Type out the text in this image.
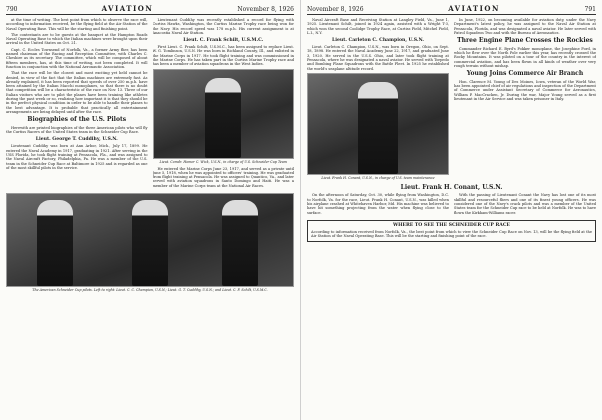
790	AVIATION	November 8, 1926

at the time of writing. The best point from which to observe the race will, according to information received, be the flying field at the Air Station of the Naval Operating Base. This will be the starting and finishing point.

The contestants are to be guests at the banquet at the Hampton Roads Naval Operating Base to which the Italian machines were brought upon their arrival in the United States on Oct. 21.

Capt. C. Eccles Townsend of Norfolk, Va., a former Army flier, has been named chairman of the Racing and Reception Committee, with Charles C. Cheshire as its secretary. The committee, which will be composed of about fifteen members, has, at this time of writing, not been completed. It will function in conjunction with the National Aeronautic Association.

That the race will be the closest and most exciting yet held cannot be denied, in view of the fact that the Italian machines are extremely fast. As already explained, it has been reported that speeds of over 250 m.p.h. have been attained by the Italian Macchi monoplanes, so that there is no doubt that competition will be a characteristic of the race on Nov. 13. Three of our Italian visitors who are to pilot the planes have been training like athletes during the past week or so, realizing how important it is that they should be in the perfect physical condition in order to be able to handle their planes to the best advantage. It is probable that practically all entertainment arrangements are being delayed until after the race.

Biographies of the U.S. Pilots

Herewith are printed biographies of the three American pilots who will fly the Curtiss Racers of the United States team in the Schneider Cup Race.

Lieut. George T. Cuddihy, U.S.N.

Lieutenant Cuddihy was born at Ann Arbor, Mich., July 17, 1899. He entered the Naval Academy in 1917, graduating in 1921. After serving in the USS Florida, he took flight training at Pensacola, Fla., and was assigned to the Naval Aircraft Factory, Philadelphia, Pa. He was a member of the U.S. team in the Schneider Cup Race at Baltimore in 1925 and is regarded as one of the most skillful pilots in the service.

Lieutenant Cuddihy was recently established a record for flying with Curtiss Hawks, Washington, the Curtiss Marine Trophy race being won for the Navy. His record speed was 178 m.p.h. His current assignment is at Anacostia Naval Air Station.

Lieut. C. Frank Schilt, U.S.M.C.

First Lieut. C. Frank Schilt, U.S.M.C., has been assigned to replace Lieut. W. G. Tomlinson, U.S.N. He was born in Richland County, Ill., and enlisted in the Marine Corps in 1917. He took flight training and was commissioned in the Marine Corps. He has taken part in the Curtiss Marine Trophy race and has been a member of aviation squadrons in the West Indies.

Lieut. Comdr. Homer C. Wick, U.S.N., in charge of U.S. Schneider Cup Team

He entered the Marine Corps June 23, 1917, and served as a private until June 5, 1918, when he was appointed to officers' training. He was graduated from flight training at Pensacola. He was assigned to Quantico, Va., and later served with aviation squadrons in Santo Domingo and Haiti. He was a member of the Marine Corps team at the National Air Races.

The American Schneider Cup pilots. Left to right: Lieut. C. C. Champion, U.S.N.; Lieut. G. T. Cuddihy, U.S.N.; and Lieut. C. F. Schilt, U.S.M.C.
November 8, 1926	AVIATION	791

Naval Aircraft Base and Receiving Station at Langley Field, Va., June 1, 1925. Lieutenant Schilt, joined in 1924 again, assisted with a Wright T-3, which won the second Coolidge Trophy Race, at Curtiss Field, Mitchel Field, L.I., N.Y.

Lieut. Carleton C. Champion, U.S.N.

Lieut. Carleton C. Champion, U.S.N., was born in Oregon, Ohio, on Sept. 18, 1898. He entered the Naval Academy June 22, 1917, and graduated June 3, 1920. He served in the U.S.S. Ohio, and later took flight training at Pensacola, where he was designated a naval aviator. He served with Torpedo and Bombing Plane Squadrons with the Battle Fleet. In 1925 he established the world's seaplane altitude record.

Lieut. Frank H. Conant, U.S.N., in charge of U.S. team maintenance

In June, 1922, on becoming available for aviation duty, under the Navy Department's latest policy, he was assigned to the Naval Air Station at Pensacola, Florida, and was designated a naval aviator. He later served with Patrol Squadron Two and with the Bureau of Aeronautics.

Three Engine Plane Crosses the Rockies

Commander Richard E. Byrd's Fokker monoplane, the Josephine Ford, in which he flew over the North Pole earlier this year, has recently crossed the Rocky Mountains. It was piloted on a tour of the country in the interest of commercial aviation, and has been flown in all kinds of weather over very rough terrain without mishap.

Young Joins Commerce Air Branch

Hon. Clarence M. Young of Des Moines, Iowa, veteran of the World War, has been appointed chief of air regulations and inspection of the Department of Commerce under Assistant Secretary of Commerce for Aeronautics, William P. MacCracken, Jr. During the war, Major Young served as a first lieutenant in the Air Service and was taken prisoner in Italy.

Lieut. Frank H. Conant, U.S.N.

On the afternoon of Saturday, Oct. 30, while flying from Washington, D.C. to Norfolk, Va. for the race, Lieut. Frank H. Conant, U.S.N., was killed when his airplane crashed at Whitehaven Harbor, Md. His machine was believed to have hit something projecting from the water when flying close to the surface.

With the passing of Lieutenant Conant the Navy has lost one of its most skillful and resourceful fliers and one of its finest young officers. He was considered one of the Navy's crack pilots and was a member of the United States team for the Schneider Cup race to be held at Norfolk. He was to have flown the Kirkham-Williams racer.

WHERE TO SEE THE SCHNEIDER CUP RACE
According to information received from Norfolk, Va., the best point from which to view the Schneider Cup Race on Nov. 13, will be the flying field at the Air Station of the Naval Operating Base. This will be the starting and finishing point of the race.
